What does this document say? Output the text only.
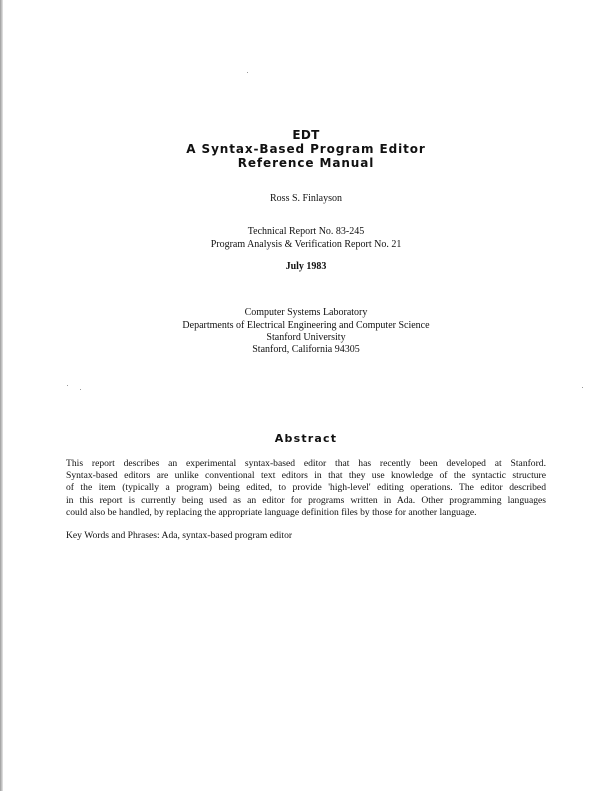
EDT
A Syntax-Based Program Editor
Reference Manual
Ross S. Finlayson
Technical Report No. 83-245
Program Analysis & Verification Report No. 21
July 1983
Computer Systems Laboratory
Departments of Electrical Engineering and Computer Science
Stanford University
Stanford, California 94305
Abstract
This report describes an experimental syntax-based editor that has recently been developed at Stanford.
Syntax-based editors are unlike conventional text editors in that they use knowledge of the syntactic structure
of the item (typically a program) being edited, to provide 'high-level' editing operations. The editor described
in this report is currently being used as an editor for programs written in Ada. Other programming languages
could also be handled, by replacing the appropriate language definition files by those for another language.
Key Words and Phrases: Ada, syntax-based program editor
